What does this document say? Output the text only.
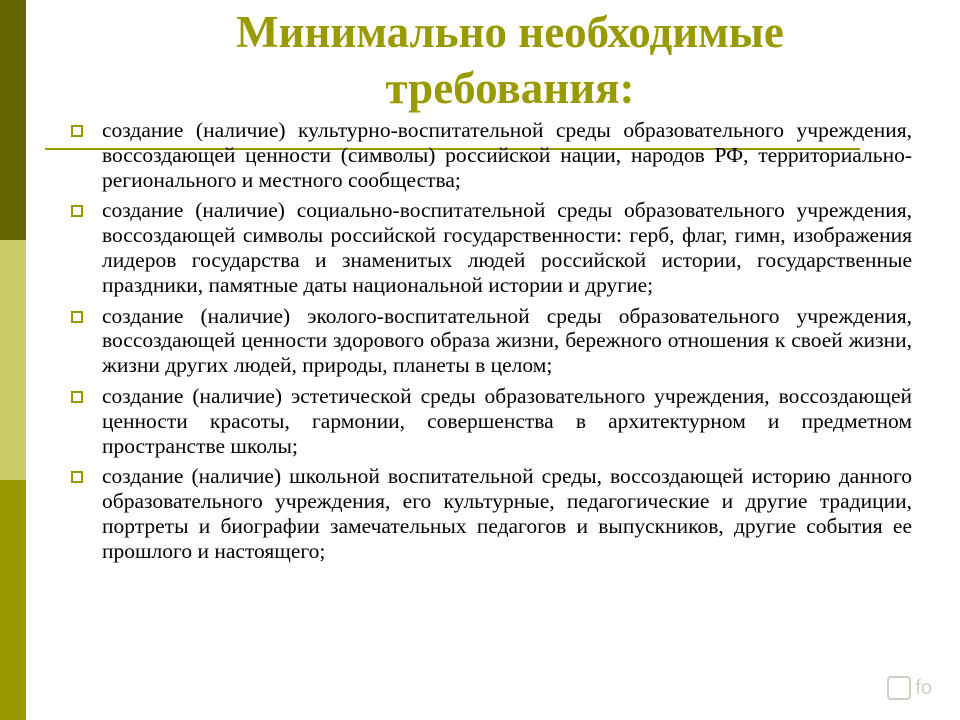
Минимально необходимые
требования:
создание (наличие) культурно-воспитательной среды образовательного учреждения, воссоздающей ценности (символы) российской нации, народов РФ, территориально-регионального и местного сообщества;
создание (наличие) социально-воспитательной среды образовательного учреждения, воссоздающей символы российской государственности: герб, флаг, гимн, изображения лидеров государства и знаменитых людей российской истории, государственные праздники, памятные даты национальной истории и другие;
создание (наличие) эколого-воспитательной среды образовательного учреждения, воссоздающей ценности здорового образа жизни, бережного отношения к своей жизни, жизни других людей, природы, планеты в целом;
создание (наличие) эстетической среды образовательного учреждения, воссоздающей ценности красоты, гармонии, совершенства в архитектурном и предметном пространстве школы;
создание (наличие) школьной воспитательной среды, воссоздающей историю данного образовательного учреждения, его культурные, педагогические и другие традиции, портреты и биографии замечательных педагогов и выпускников, другие события ее прошлого и настоящего;
fo
